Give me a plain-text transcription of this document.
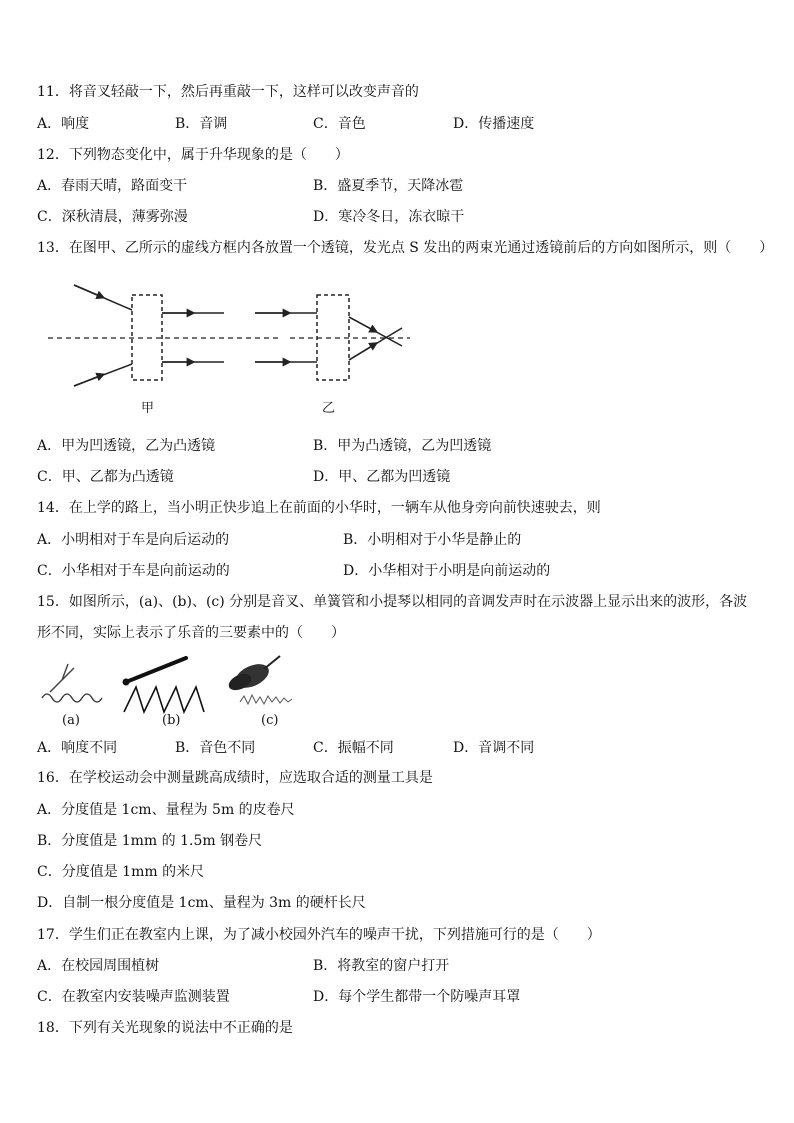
11．将音叉轻敲一下，然后再重敲一下，这样可以改变声音的
A．响度	B．音调	C．音色	D．传播速度
12．下列物态变化中，属于升华现象的是（　　）
A．春雨天晴，路面变干	B．盛夏季节，天降冰雹
C．深秋清晨，薄雾弥漫	D．寒冷冬日，冻衣晾干
13．在图甲、乙所示的虚线方框内各放置一个透镜，发光点 S 发出的两束光通过透镜前后的方向如图所示，则（　　）
甲	乙
A．甲为凹透镜，乙为凸透镜	B．甲为凸透镜，乙为凹透镜
C．甲、乙都为凸透镜	D．甲、乙都为凹透镜
14．在上学的路上，当小明正快步追上在前面的小华时，一辆车从他身旁向前快速驶去，则
A．小明相对于车是向后运动的	B．小明相对于小华是静止的
C．小华相对于车是向前运动的	D．小华相对于小明是向前运动的
15．如图所示，(a)、(b)、(c) 分别是音叉、单簧管和小提琴以相同的音调发声时在示波器上显示出来的波形，各波
形不同，实际上表示了乐音的三要素中的（　　）
(a)	(b)	(c)
A．响度不同	B．音色不同	C．振幅不同	D．音调不同
16．在学校运动会中测量跳高成绩时，应选取合适的测量工具是
A．分度值是 1cm、量程为 5m 的皮卷尺
B．分度值是 1mm 的 1.5m 钢卷尺
C．分度值是 1mm 的米尺
D．自制一根分度值是 1cm、量程为 3m 的硬杆长尺
17．学生们正在教室内上课，为了减小校园外汽车的噪声干扰，下列措施可行的是（　　）
A．在校园周围植树	B．将教室的窗户打开
C．在教室内安装噪声监测装置	D．每个学生都带一个防噪声耳罩
18．下列有关光现象的说法中不正确的是
